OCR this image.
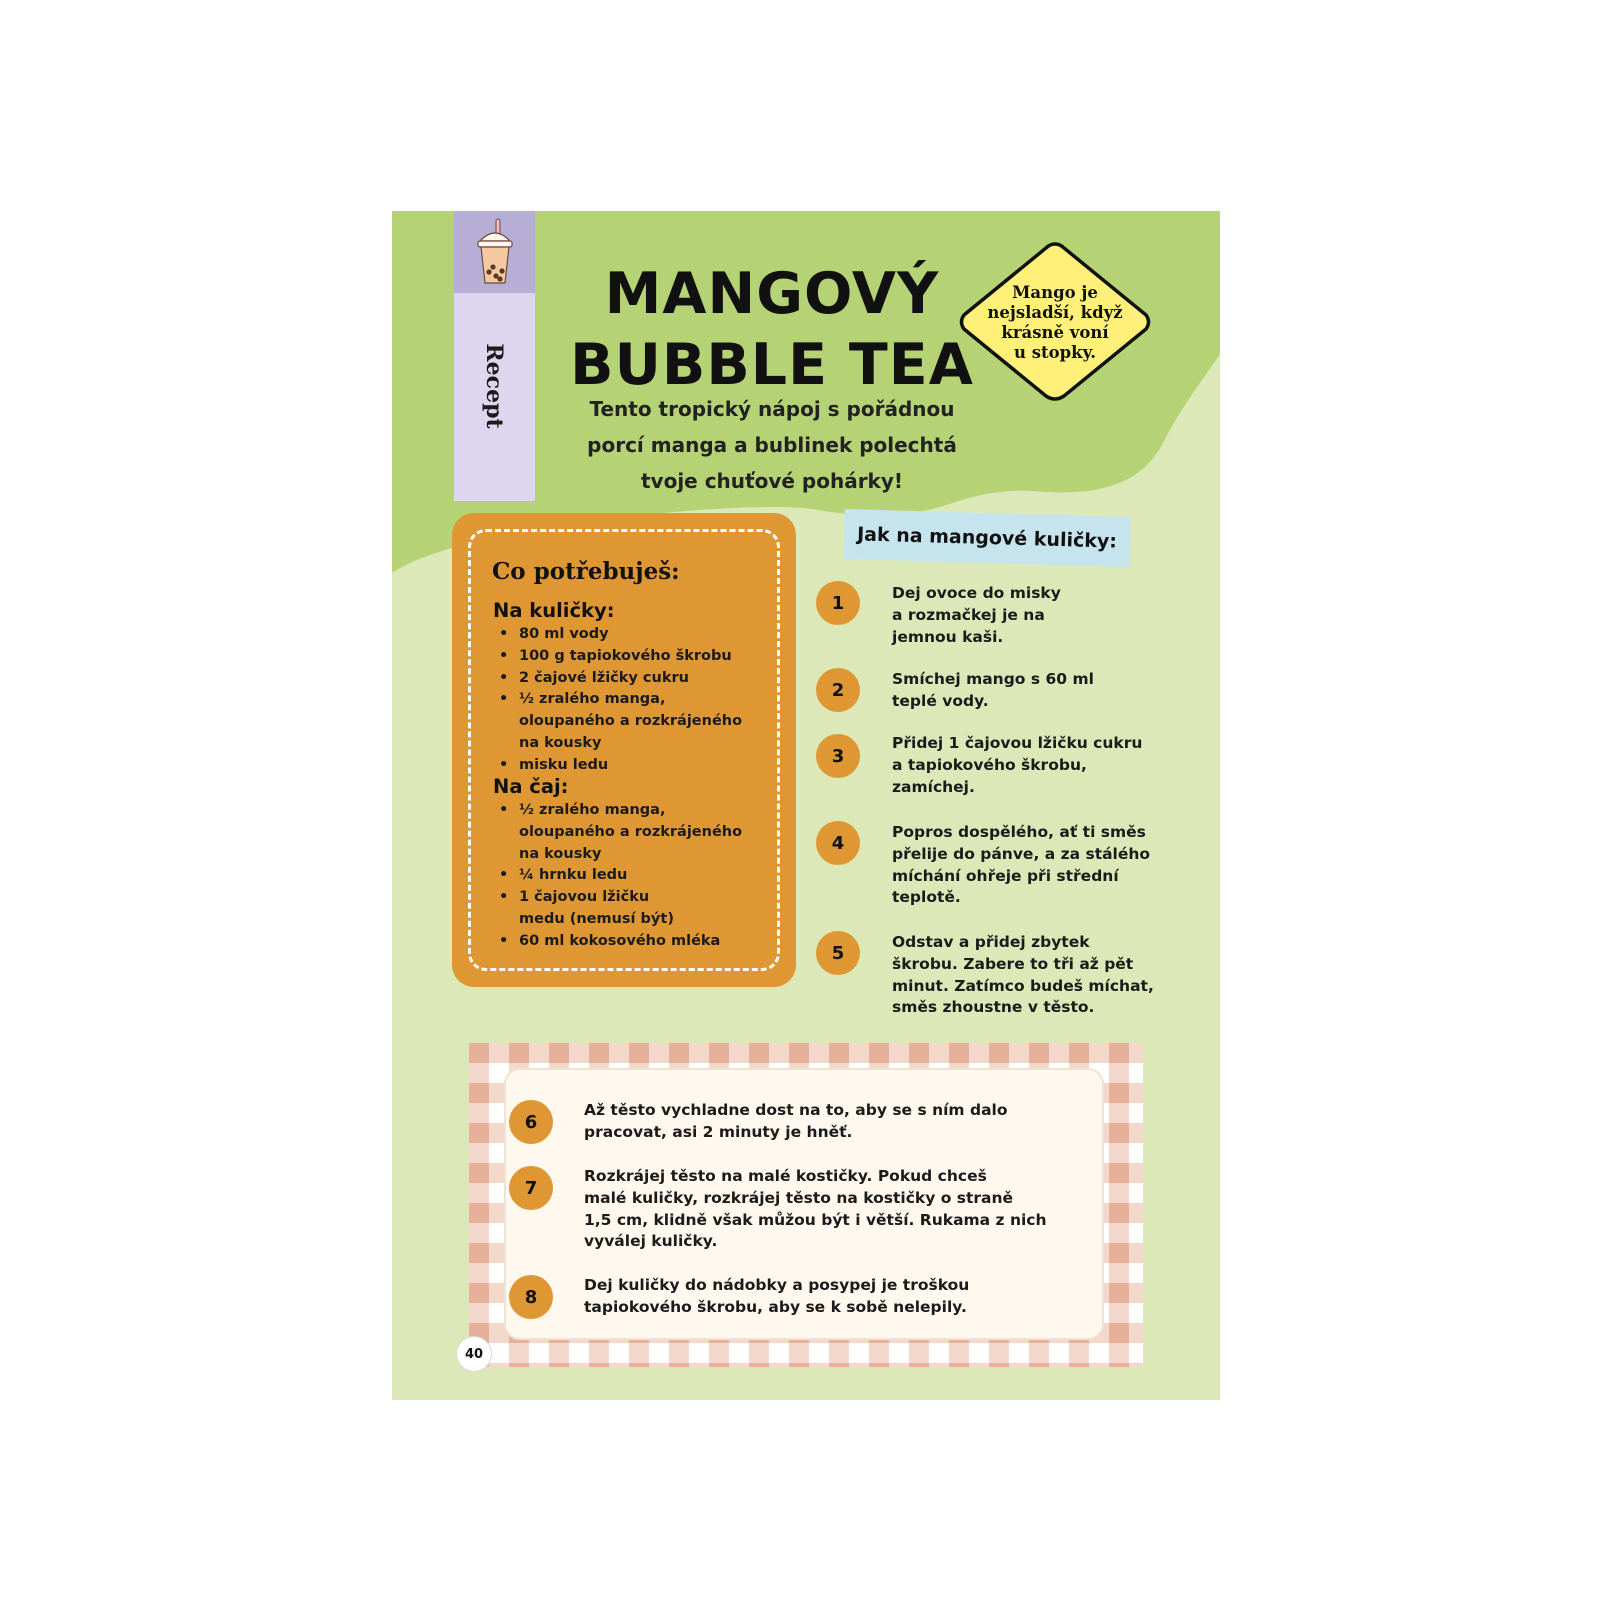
Recept
MANGOVÝ
BUBBLE TEA
Tento tropický nápoj s pořádnou
porcí manga a bublinek polechtá
tvoje chuťové pohárky!
Mango je
nejsladší, když
krásně voní
u stopky.
Co potřebuješ:
Na kuličky:
• 80 ml vody
• 100 g tapiokového škrobu
• 2 čajové lžičky cukru
• ½ zralého manga, oloupaného a rozkrájeného na kousky
• misku ledu
Na čaj:
• ½ zralého manga, oloupaného a rozkrájeného na kousky
• ¼ hrnku ledu
• 1 čajovou lžičku medu (nemusí být)
• 60 ml kokosového mléka
Jak na mangové kuličky:
1	Dej ovoce do misky
a rozmačkej je na
jemnou kaši.
2
Smíchej mango s 60 ml
teplé vody.
3
Přidej 1 čajovou lžičku cukru
a tapiokového škrobu,
zamíchej.
4
Popros dospělého, ať ti směs
přelije do pánve, a za stálého
míchání ohřeje při střední
teplotě.
5
Odstav a přidej zbytek
škrobu. Zabere to tři až pět
minut. Zatímco budeš míchat,
směs zhoustne v těsto.
6
Až těsto vychladne dost na to, aby se s ním dalo
pracovat, asi 2 minuty je hněť.
7
Rozkrájej těsto na malé kostičky. Pokud chceš
malé kuličky, rozkrájej těsto na kostičky o straně
1,5 cm, klidně však můžou být i větší. Rukama z nich
vyválej kuličky.
8
Dej kuličky do nádobky a posypej je troškou
tapiokového škrobu, aby se k sobě nelepily.
40
